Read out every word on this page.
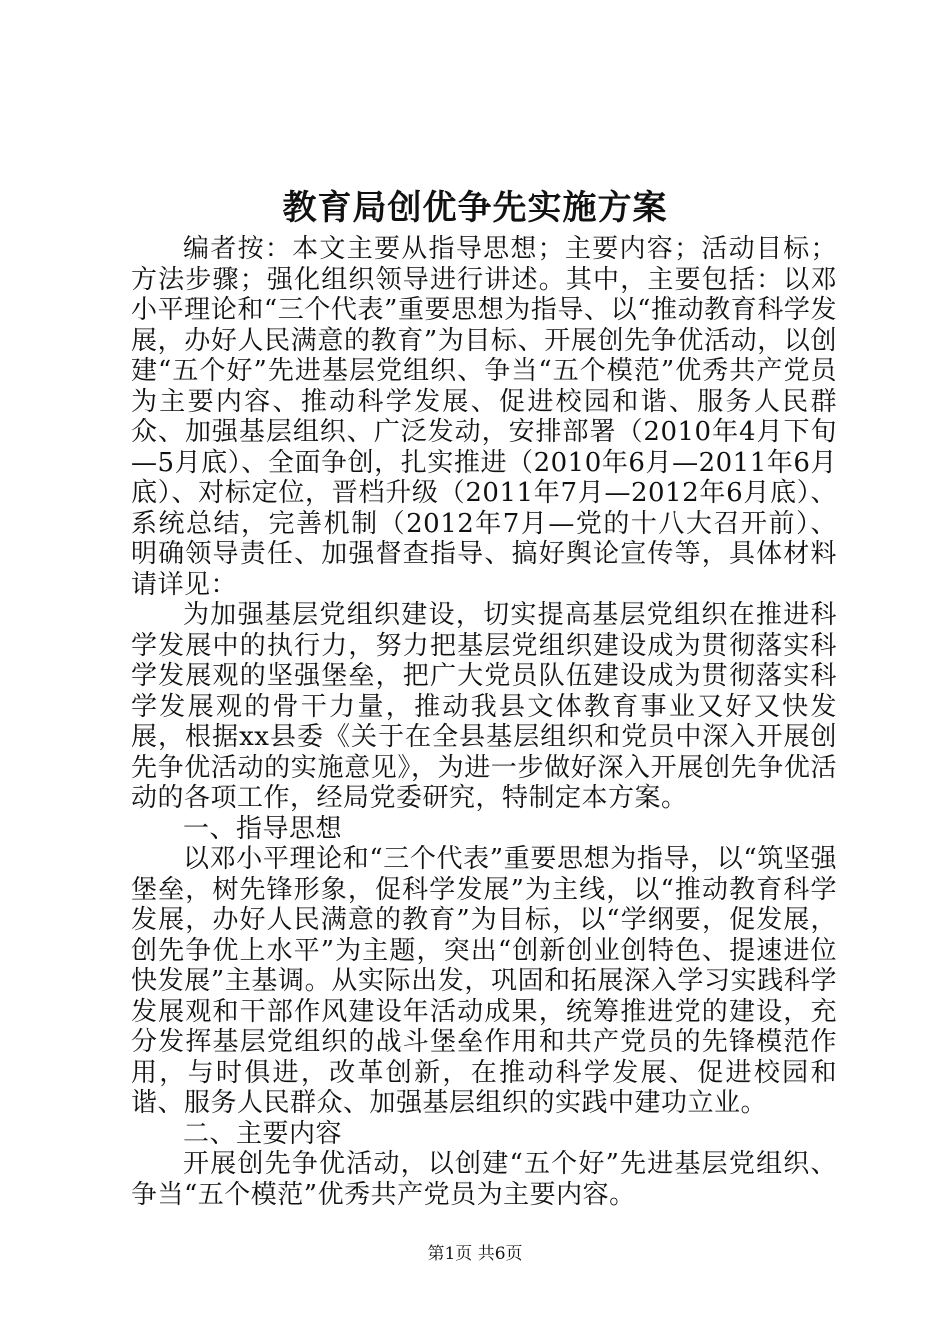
教育局创优争先实施方案

编者按：本文主要从指导思想；主要内容；活动目标；方法步骤；强化组织领导进行讲述。其中，主要包括：以邓小平理论和“三个代表”重要思想为指导、以“推动教育科学发展，办好人民满意的教育”为目标、开展创先争优活动，以创建“五个好”先进基层党组织、争当“五个模范”优秀共产党员为主要内容、推动科学发展、促进校园和谐、服务人民群众、加强基层组织、广泛发动，安排部署（2010年4月下旬—5月底）、全面争创，扎实推进（2010年6月—2011年6月底）、对标定位，晋档升级（2011年7月—2012年6月底）、系统总结，完善机制（2012年7月—党的十八大召开前）、明确领导责任、加强督查指导、搞好舆论宣传等，具体材料请详见：

为加强基层党组织建设，切实提高基层党组织在推进科学发展中的执行力，努力把基层党组织建设成为贯彻落实科学发展观的坚强堡垒，把广大党员队伍建设成为贯彻落实科学发展观的骨干力量，推动我县文体教育事业又好又快发展，根据xx县委《关于在全县基层组织和党员中深入开展创先争优活动的实施意见》，为进一步做好深入开展创先争优活动的各项工作，经局党委研究，特制定本方案。

一、指导思想

以邓小平理论和“三个代表”重要思想为指导，以“筑坚强堡垒，树先锋形象，促科学发展”为主线，以“推动教育科学发展，办好人民满意的教育”为目标，以“学纲要，促发展，创先争优上水平”为主题，突出“创新创业创特色、提速进位快发展”主基调。从实际出发，巩固和拓展深入学习实践科学发展观和干部作风建设年活动成果，统筹推进党的建设，充分发挥基层党组织的战斗堡垒作用和共产党员的先锋模范作用，与时俱进，改革创新，在推动科学发展、促进校园和谐、服务人民群众、加强基层组织的实践中建功立业。

二、主要内容

开展创先争优活动，以创建“五个好”先进基层党组织、争当“五个模范”优秀共产党员为主要内容。

第1页 共6页
